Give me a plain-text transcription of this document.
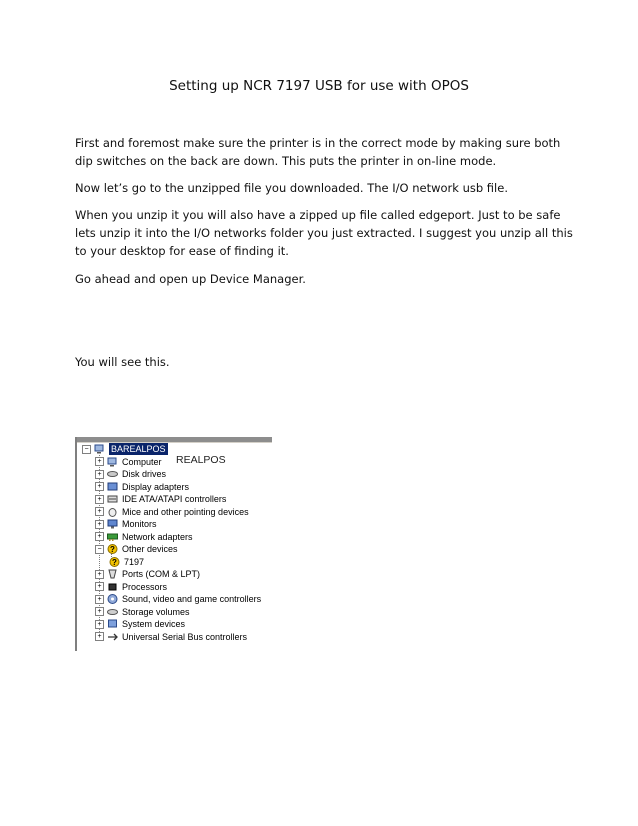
Setting up NCR 7197 USB for use with OPOS
First and foremost make sure the printer is in the correct mode by making sure both dip switches on the back are down. This puts the printer in on-line mode.
Now let’s go to the unzipped file you downloaded. The I/O network usb file.
When you unzip it you will also have a zipped up file called edgeport. Just to be safe lets unzip it into the I/O networks folder you just extracted. I suggest you unzip all this to your desktop for ease of finding it.
Go ahead and open up Device Manager.
You will see this.
− BAREALPOS
+ Computer
+ Disk drives
+ Display adapters
+ IDE ATA/ATAPI controllers
+ Mice and other pointing devices
+ Monitors
+ Network adapters
−	? Other devices
? 7197
+ Ports (COM & LPT)
+ Processors
+ Sound, video and game controllers
+ Storage volumes
+ System devices
+ Universal Serial Bus controllers
REALPOS
